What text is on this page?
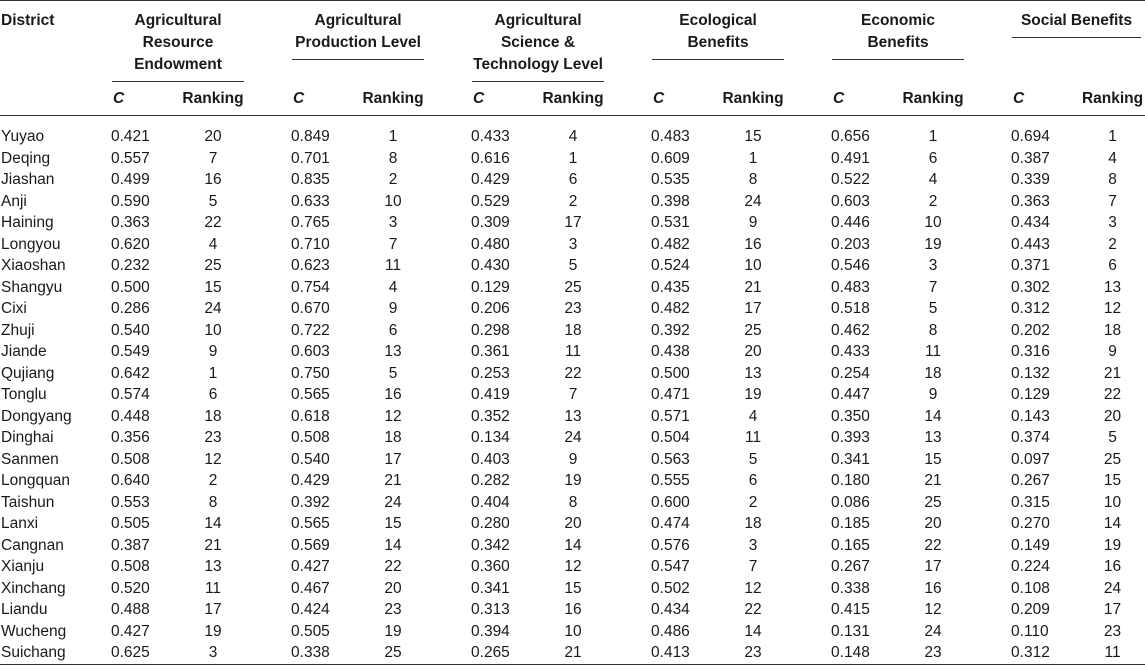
District	Agricultural Resource Endowment			Agricultural Production Level			Agricultural Science & Technology Level			Ecological Benefits			Economic Benefits			Social Benefits	

	C	Ranking		C	Ranking		C	Ranking		C	Ranking		C	Ranking		C	Ranking
Yuyao	0.421	20		0.849	1		0.433	4		0.483	15		0.656	1		0.694	1
Deqing	0.557	7		0.701	8		0.616	1		0.609	1		0.491	6		0.387	4
Jiashan	0.499	16		0.835	2		0.429	6		0.535	8		0.522	4		0.339	8
Anji	0.590	5		0.633	10		0.529	2		0.398	24		0.603	2		0.363	7
Haining	0.363	22		0.765	3		0.309	17		0.531	9		0.446	10		0.434	3
Longyou	0.620	4		0.710	7		0.480	3		0.482	16		0.203	19		0.443	2
Xiaoshan	0.232	25		0.623	11		0.430	5		0.524	10		0.546	3		0.371	6
Shangyu	0.500	15		0.754	4		0.129	25		0.435	21		0.483	7		0.302	13
Cixi	0.286	24		0.670	9		0.206	23		0.482	17		0.518	5		0.312	12
Zhuji	0.540	10		0.722	6		0.298	18		0.392	25		0.462	8		0.202	18
Jiande	0.549	9		0.603	13		0.361	11		0.438	20		0.433	11		0.316	9
Qujiang	0.642	1		0.750	5		0.253	22		0.500	13		0.254	18		0.132	21
Tonglu	0.574	6		0.565	16		0.419	7		0.471	19		0.447	9		0.129	22
Dongyang	0.448	18		0.618	12		0.352	13		0.571	4		0.350	14		0.143	20
Dinghai	0.356	23		0.508	18		0.134	24		0.504	11		0.393	13		0.374	5
Sanmen	0.508	12		0.540	17		0.403	9		0.563	5		0.341	15		0.097	25
Longquan	0.640	2		0.429	21		0.282	19		0.555	6		0.180	21		0.267	15
Taishun	0.553	8		0.392	24		0.404	8		0.600	2		0.086	25		0.315	10
Lanxi	0.505	14		0.565	15		0.280	20		0.474	18		0.185	20		0.270	14
Cangnan	0.387	21		0.569	14		0.342	14		0.576	3		0.165	22		0.149	19
Xianju	0.508	13		0.427	22		0.360	12		0.547	7		0.267	17		0.224	16
Xinchang	0.520	11		0.467	20		0.341	15		0.502	12		0.338	16		0.108	24
Liandu	0.488	17		0.424	23		0.313	16		0.434	22		0.415	12		0.209	17
Wucheng	0.427	19		0.505	19		0.394	10		0.486	14		0.131	24		0.110	23
Suichang	0.625	3		0.338	25		0.265	21		0.413	23		0.148	23		0.312	11
